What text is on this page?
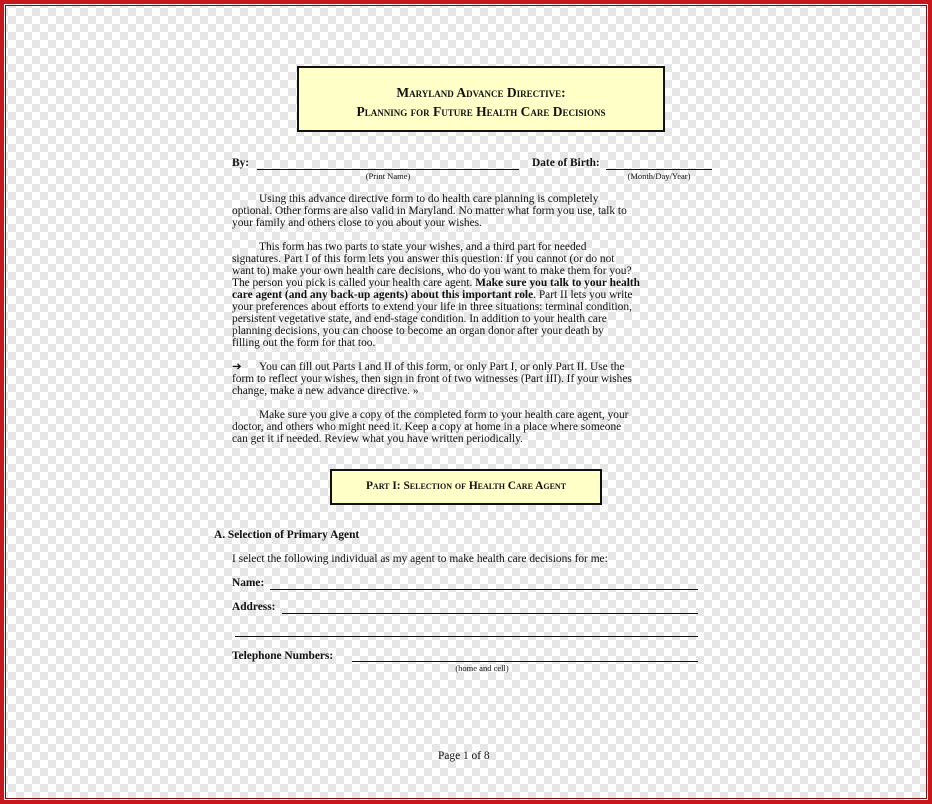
Maryland Advance Directive:
Planning for Future Health Care Decisions
By:
(Print Name)
Date of Birth:
(Month/Day/Year)
Using this advance directive form to do health care planning is completely
optional. Other forms are also valid in Maryland. No matter what form you use, talk to
your family and others close to you about your wishes.
This form has two parts to state your wishes, and a third part for needed
signatures. Part I of this form lets you answer this question: If you cannot (or do not
want to) make your own health care decisions, who do you want to make them for you?
The person you pick is called your health care agent. Make sure you talk to your health
care agent (and any back-up agents) about this important role. Part II lets you write
your preferences about efforts to extend your life in three situations: terminal condition,
persistent vegetative state, and end-stage condition. In addition to your health care
planning decisions, you can choose to become an organ donor after your death by
filling out the form for that too.
➔ You can fill out Parts I and II of this form, or only Part I, or only Part II. Use the
form to reflect your wishes, then sign in front of two witnesses (Part III). If your wishes
change, make a new advance directive. »
Make sure you give a copy of the completed form to your health care agent, your
doctor, and others who might need it. Keep a copy at home in a place where someone
can get it if needed. Review what you have written periodically.
Part I: Selection of Health Care Agent
A. Selection of Primary Agent
I select the following individual as my agent to make health care decisions for me:
Name:
Address:
Telephone Numbers:
(home and cell)
Page 1 of 8
